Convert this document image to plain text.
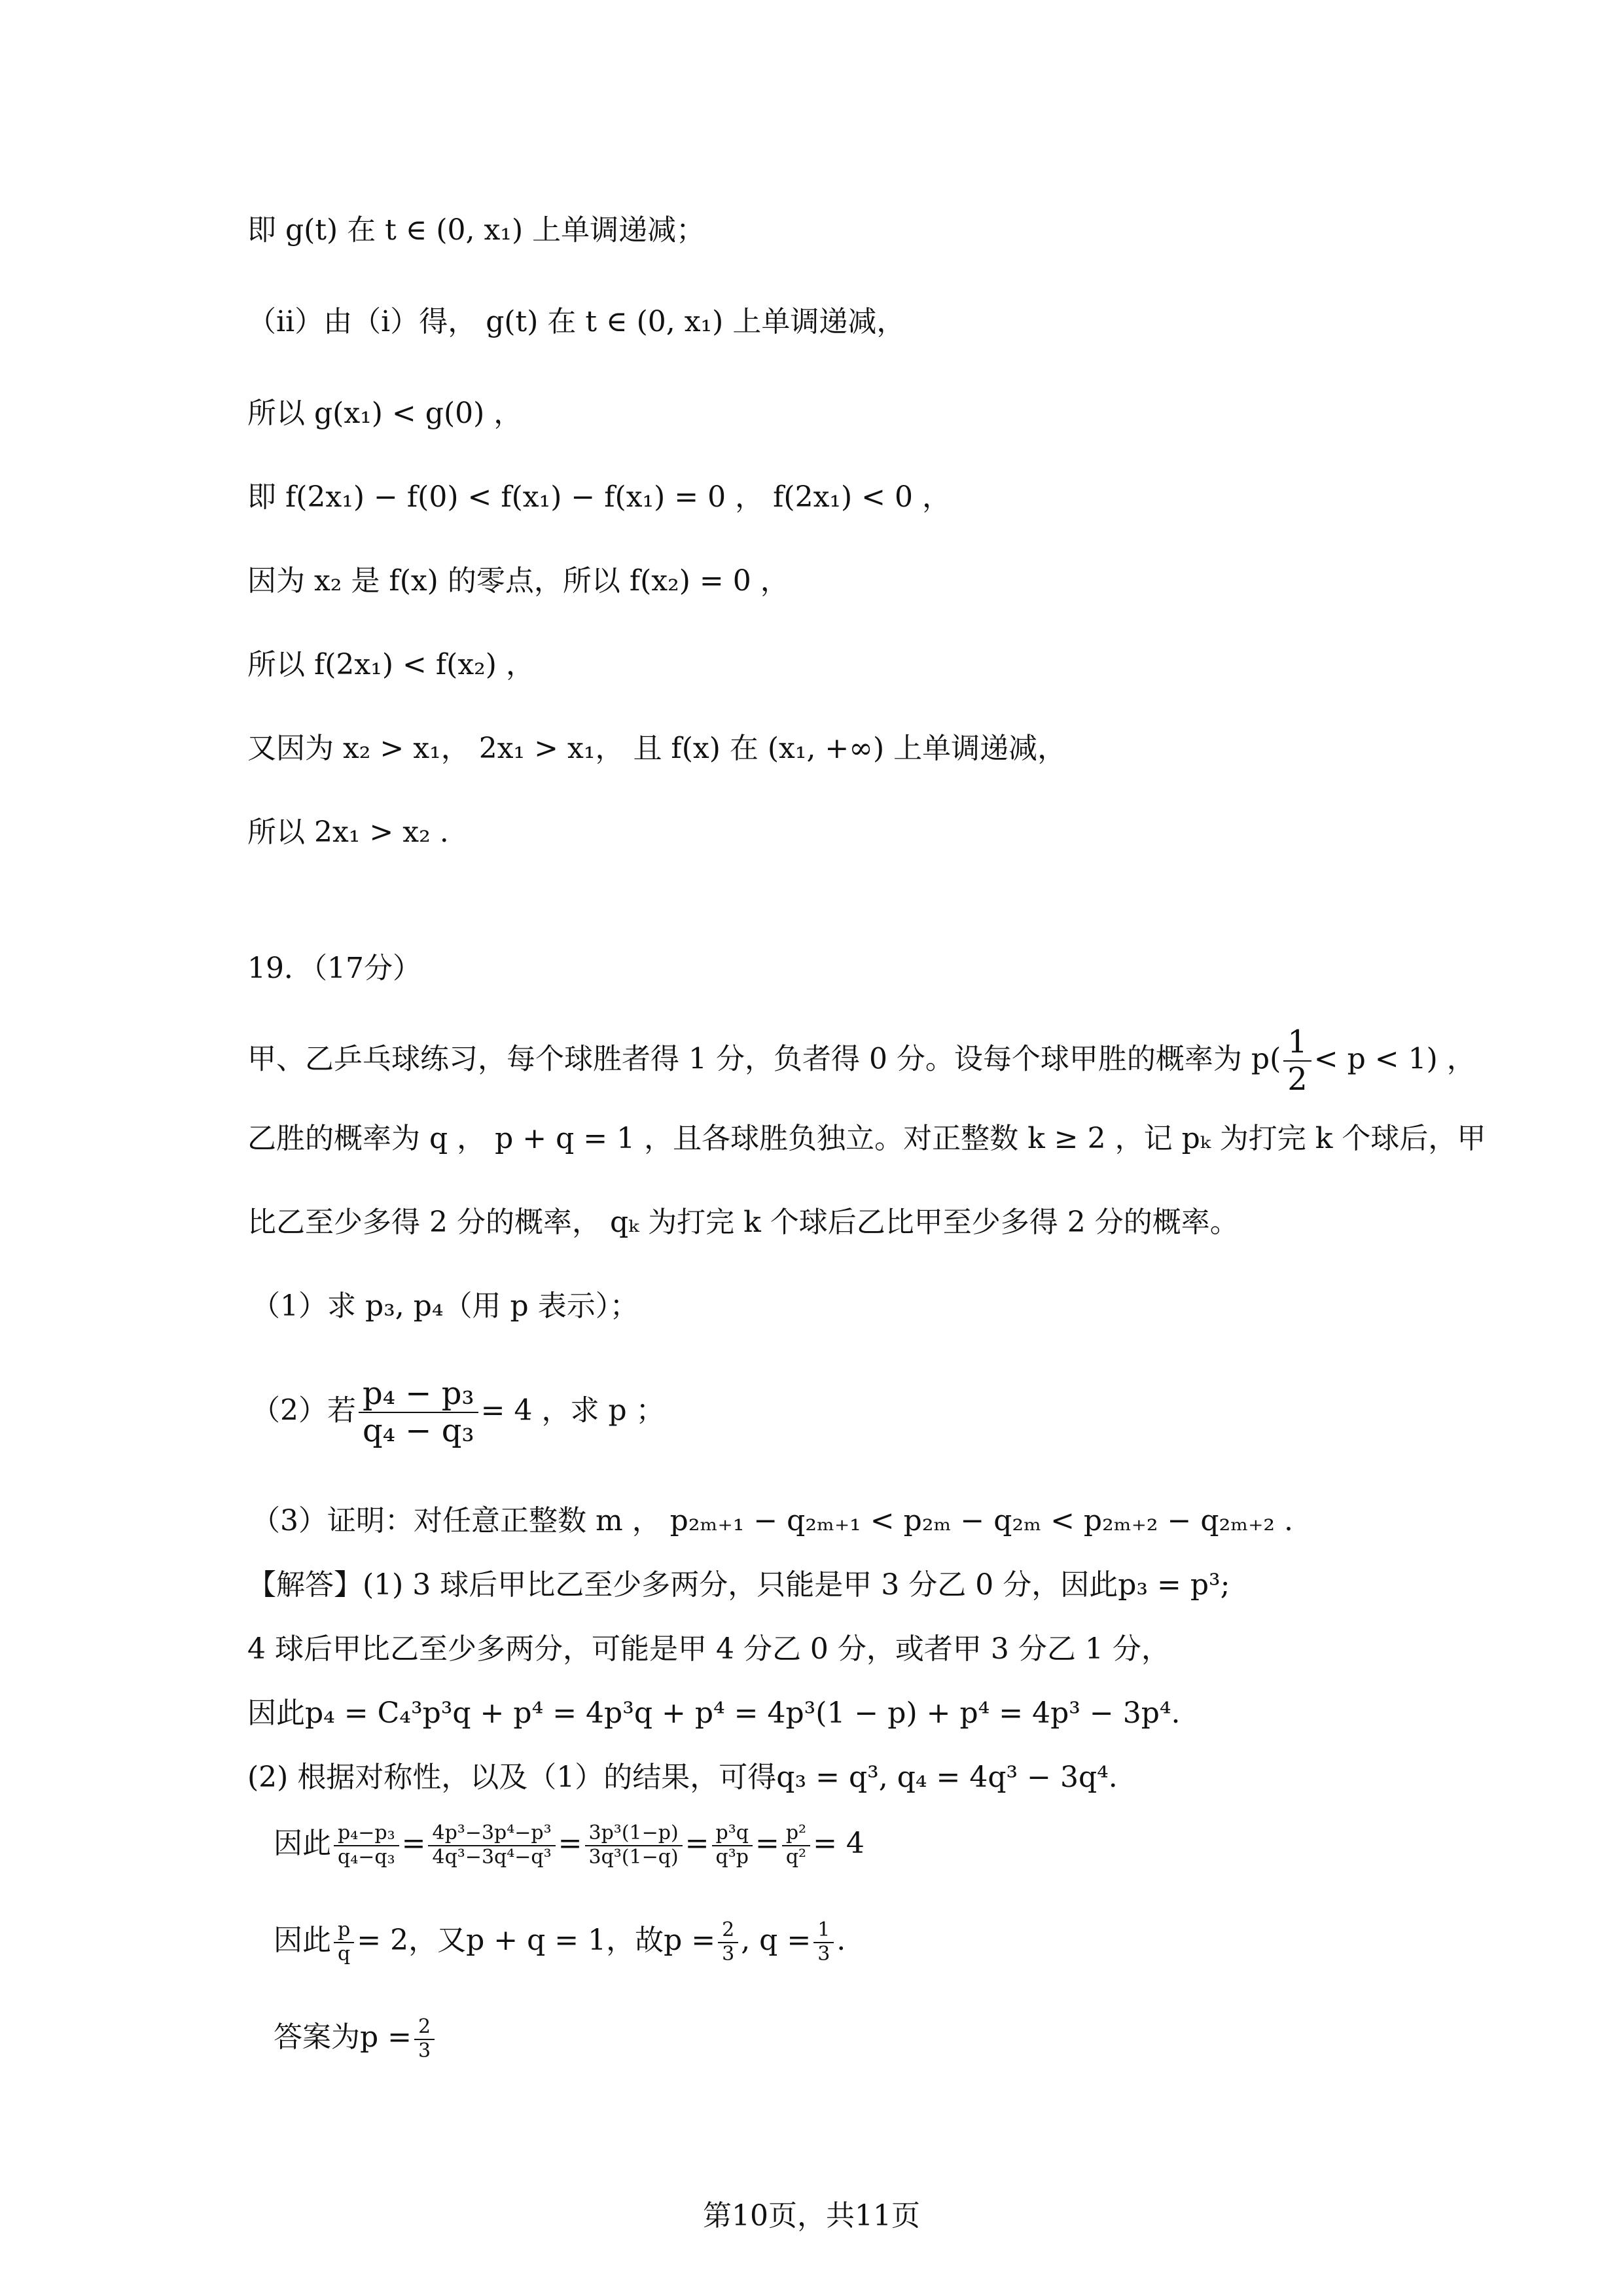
即 g(t) 在 t ∈ (0, x₁) 上单调递减；
（ii）由（i）得， g(t) 在 t ∈ (0, x₁) 上单调递减，
所以 g(x₁) < g(0) ，
即 f(2x₁) − f(0) < f(x₁) − f(x₁) = 0 ， f(2x₁) < 0 ，
因为 x₂ 是 f(x) 的零点，所以 f(x₂) = 0 ，
所以 f(2x₁) < f(x₂) ，
又因为 x₂ > x₁， 2x₁ > x₁， 且 f(x) 在 (x₁, +∞) 上单调递减，
所以 2x₁ > x₂ .
19．（17分）
甲、乙乒乓球练习，每个球胜者得 1 分，负者得 0 分。设每个球甲胜的概率为 $p( \frac{1}{2} < p < 1)$ ，
乙胜的概率为 q ， p + q = 1 ，且各球胜负独立。对正整数 k ≥ 2 ，记 pₖ 为打完 k 个球后，甲
比乙至少多得 2 分的概率， qₖ 为打完 k 个球后乙比甲至少多得 2 分的概率。
（1）求 p₃, p₄（用 p 表示）；
（2）若 $\frac{\text{p₄ − p₃}}{\text{q₄ − q₃}} = 4$ ，求 p ；
（3）证明：对任意正整数 m ， p₂ₘ₊₁ − q₂ₘ₊₁ < p₂ₘ − q₂ₘ < p₂ₘ₊₂ − q₂ₘ₊₂ .
【解答】(1) 3 球后甲比乙至少多两分，只能是甲 3 分乙 0 分，因此p₃ = p³;
4 球后甲比乙至少多两分，可能是甲 4 分乙 0 分，或者甲 3 分乙 1 分，
因此p₄ = C₄³p³q + p⁴ = 4p³q + p⁴ = 4p³(1 − p) + p⁴ = 4p³ − 3p⁴.
(2) 根据对称性，以及（1）的结果，可得q₃ = q³, q₄ = 4q³ − 3q⁴.
因此 $\frac{\text{p₄−p₃}}{\text{q₄−q₃}} = \frac{\text{4p³−3p⁴−p³}}{\text{4q³−3q⁴−q³}} = \frac{\text{3p³(1−p)}}{\text{3q³(1−q)}} = \frac{\text{p³q}}{\text{q³p}} = \frac{\text{p²}}{\text{q²}} = 4$
因此 $\frac{p}{q} = 2$，又p + q = 1，故$p = \frac{2}{3}$ , $q = \frac{1}{3}$ .
答案为$p = \frac{2}{3}$
第10页，共11页
